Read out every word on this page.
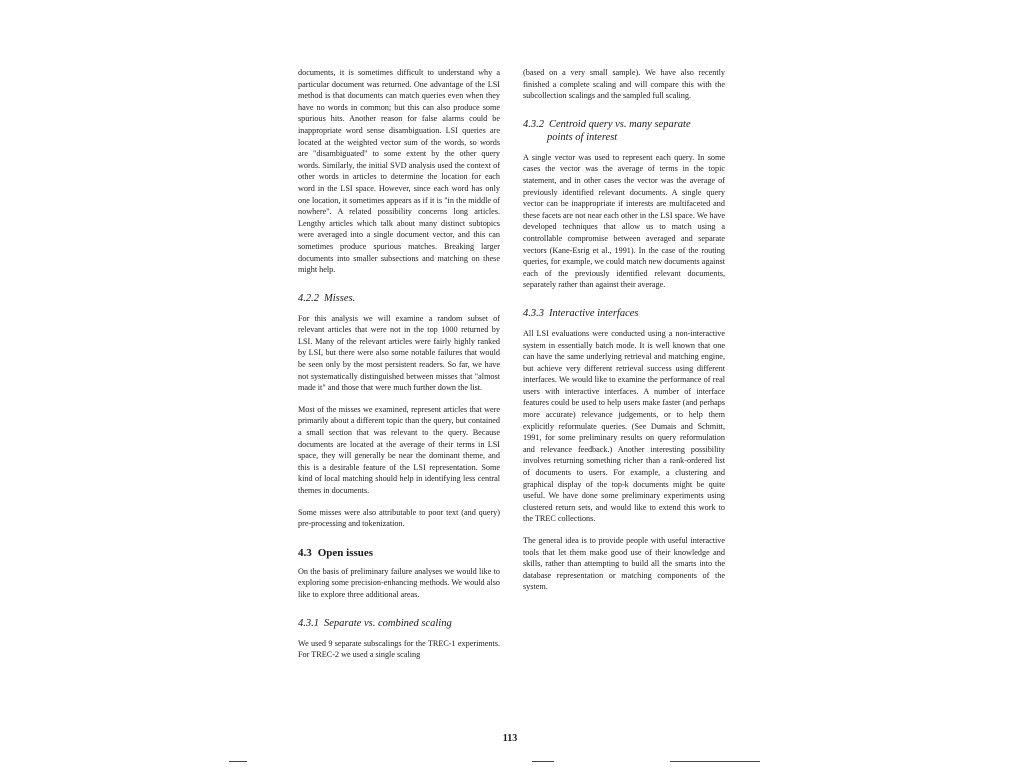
documents, it is sometimes difficult to understand why a particular document was returned. One advantage of the LSI method is that documents can match queries even when they have no words in common; but this can also produce some spurious hits. Another reason for false alarms could be inappropriate word sense disambiguation. LSI queries are located at the weighted vector sum of the words, so words are "disambiguated" to some extent by the other query words. Similarly, the initial SVD analysis used the context of other words in articles to determine the location for each word in the LSI space. However, since each word has only one location, it sometimes appears as if it is "in the middle of nowhere". A related possibility concerns long articles. Lengthy articles which talk about many distinct subtopics were averaged into a single document vector, and this can sometimes produce spurious matches. Breaking larger documents into smaller subsections and matching on these might help.

4.2.2 Misses.

For this analysis we will examine a random subset of relevant articles that were not in the top 1000 returned by LSI. Many of the relevant articles were fairly highly ranked by LSI, but there were also some notable failures that would be seen only by the most persistent readers. So far, we have not systematically distinguished between misses that "almost made it" and those that were much further down the list.

Most of the misses we examined, represent articles that were primarily about a different topic than the query, but contained a small section that was relevant to the query. Because documents are located at the average of their terms in LSI space, they will generally be near the dominant theme, and this is a desirable feature of the LSI representation. Some kind of local matching should help in identifying less central themes in documents.

Some misses were also attributable to poor text (and query) pre-processing and tokenization.

4.3 Open issues

On the basis of preliminary failure analyses we would like to exploring some precision-enhancing methods. We would also like to explore three additional areas.

4.3.1 Separate vs. combined scaling

We used 9 separate subscalings for the TREC-1 experiments. For TREC-2 we used a single scaling

(based on a very small sample). We have also recently finished a complete scaling and will compare this with the subcollection scalings and the sampled full scaling.

4.3.2 Centroid query vs. many separate
points of interest

A single vector was used to represent each query. In some cases the vector was the average of terms in the topic statement, and in other cases the vector was the average of previously identified relevant documents. A single query vector can be inappropriate if interests are multifaceted and these facets are not near each other in the LSI space. We have developed techniques that allow us to match using a controllable compromise between averaged and separate vectors (Kane-Esrig et al., 1991). In the case of the routing queries, for example, we could match new documents against each of the previously identified relevant documents, separately rather than against their average.

4.3.3 Interactive interfaces

All LSI evaluations were conducted using a non-interactive system in essentially batch mode. It is well known that one can have the same underlying retrieval and matching engine, but achieve very different retrieval success using different interfaces. We would like to examine the performance of real users with interactive interfaces. A number of interface features could be used to help users make faster (and perhaps more accurate) relevance judgements, or to help them explicitly reformulate queries. (See Dumais and Schmitt, 1991, for some preliminary results on query reformulation and relevance feedback.) Another interesting possibility involves returning something richer than a rank-ordered list of documents to users. For example, a clustering and graphical display of the top-k documents might be quite useful. We have done some preliminary experiments using clustered return sets, and would like to extend this work to the TREC collections.

The general idea is to provide people with useful interactive tools that let them make good use of their knowledge and skills, rather than attempting to build all the smarts into the database representation or matching components of the system.

113
